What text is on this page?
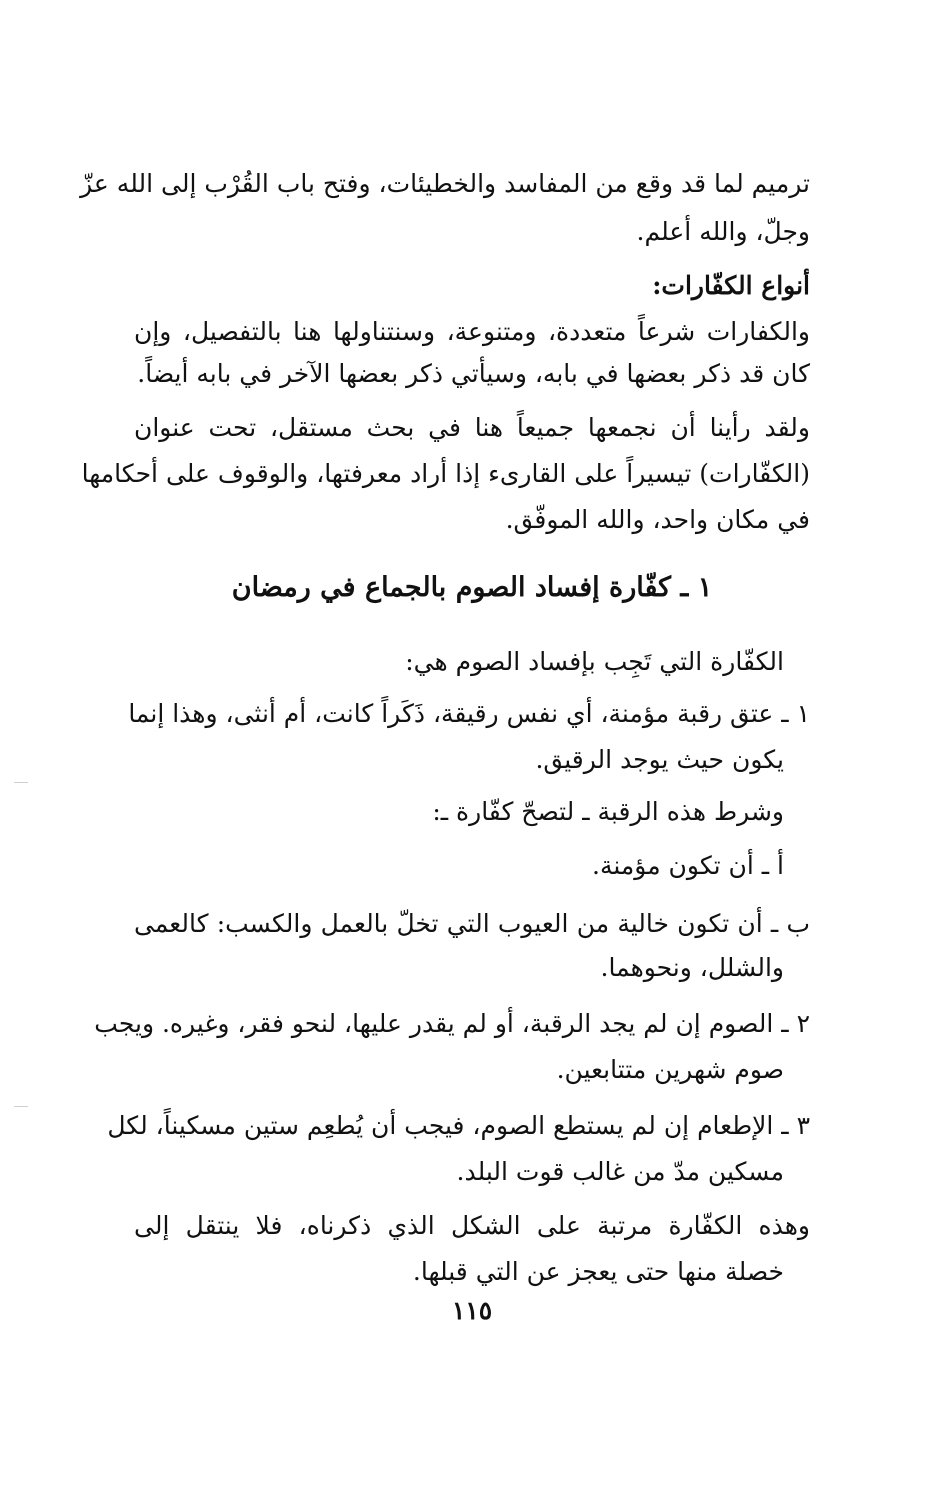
ترميم لما قد وقع من المفاسد والخطيئات، وفتح باب القُرْب إلى الله عزّ
وجلّ، والله أعلم.
أنواع الكفّارات:
والكفارات شرعاً متعددة، ومتنوعة، وسنتناولها هنا بالتفصيل، وإن
كان قد ذكر بعضها في بابه، وسيأتي ذكر بعضها الآخر في بابه أيضاً.
ولقد رأينا أن نجمعها جميعاً هنا في بحث مستقل، تحت عنوان
(الكفّارات) تيسيراً على القارىء إذا أراد معرفتها، والوقوف على أحكامها
في مكان واحد، والله الموفّق.
١ ـ كفّارة إفساد الصوم بالجماع في رمضان
الكفّارة التي تَجِب بإفساد الصوم هي:
١ ـ عتق رقبة مؤمنة، أي نفس رقيقة، ذَكَراً كانت، أم أنثى، وهذا إنما
يكون حيث يوجد الرقيق.
وشرط هذه الرقبة ـ لتصحّ كفّارة ـ:
أ ـ أن تكون مؤمنة.
ب ـ أن تكون خالية من العيوب التي تخلّ بالعمل والكسب: كالعمى
والشلل، ونحوهما.
٢ ـ الصوم إن لم يجد الرقبة، أو لم يقدر عليها، لنحو فقر، وغيره. ويجب
صوم شهرين متتابعين.
٣ ـ الإطعام إن لم يستطع الصوم، فيجب أن يُطعِم ستين مسكيناً، لكل
مسكين مدّ من غالب قوت البلد.
وهذه الكفّارة مرتبة على الشكل الذي ذكرناه، فلا ينتقل إلى
خصلة منها حتى يعجز عن التي قبلها.
١١٥
